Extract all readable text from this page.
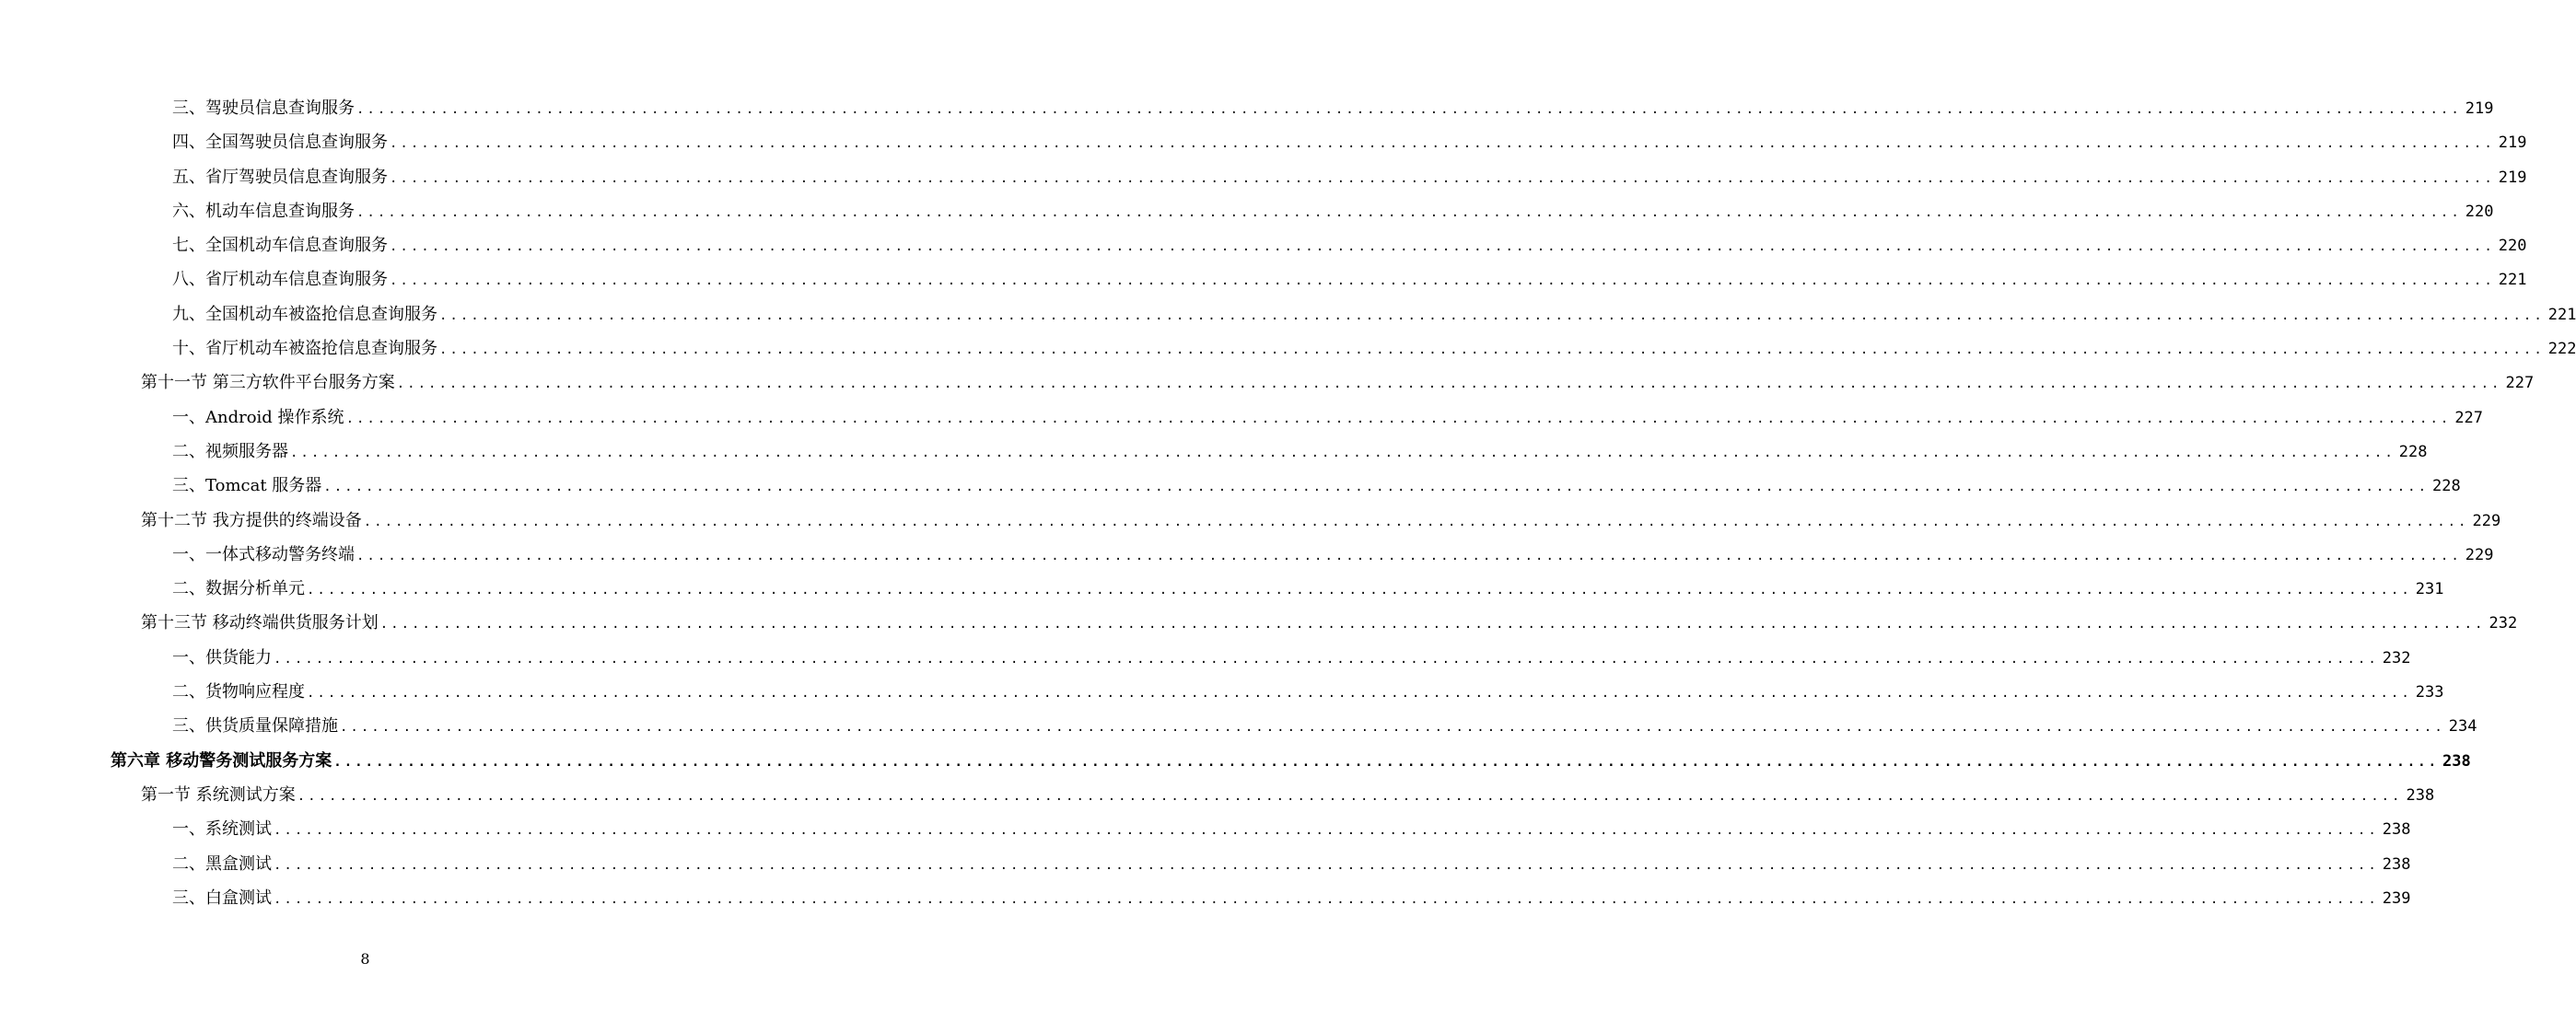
三、驾驶员信息查询服务 ........................................................................................................................................................................................................ 219
四、全国驾驶员信息查询服务 ........................................................................................................................................................................................................ 219
五、省厅驾驶员信息查询服务 ........................................................................................................................................................................................................ 219
六、机动车信息查询服务 ........................................................................................................................................................................................................ 220
七、全国机动车信息查询服务 ........................................................................................................................................................................................................ 220
八、省厅机动车信息查询服务 ........................................................................................................................................................................................................ 221
九、全国机动车被盗抢信息查询服务 ........................................................................................................................................................................................................ 221
十、省厅机动车被盗抢信息查询服务 ........................................................................................................................................................................................................ 222
第十一节 第三方软件平台服务方案 ........................................................................................................................................................................................................ 227
一、Android 操作系统 ........................................................................................................................................................................................................ 227
二、视频服务器 ........................................................................................................................................................................................................ 228
三、Tomcat 服务器 ........................................................................................................................................................................................................ 228
第十二节 我方提供的终端设备 ........................................................................................................................................................................................................ 229
一、一体式移动警务终端 ........................................................................................................................................................................................................ 229
二、数据分析单元 ........................................................................................................................................................................................................ 231
第十三节 移动终端供货服务计划 ........................................................................................................................................................................................................ 232
一、供货能力 ........................................................................................................................................................................................................ 232
二、货物响应程度 ........................................................................................................................................................................................................ 233
三、供货质量保障措施 ........................................................................................................................................................................................................ 234
第六章 移动警务测试服务方案 ........................................................................................................................................................................................................ 238
第一节 系统测试方案 ........................................................................................................................................................................................................ 238
一、系统测试 ........................................................................................................................................................................................................ 238
二、黑盒测试 ........................................................................................................................................................................................................ 238
三、白盒测试 ........................................................................................................................................................................................................ 239
8
